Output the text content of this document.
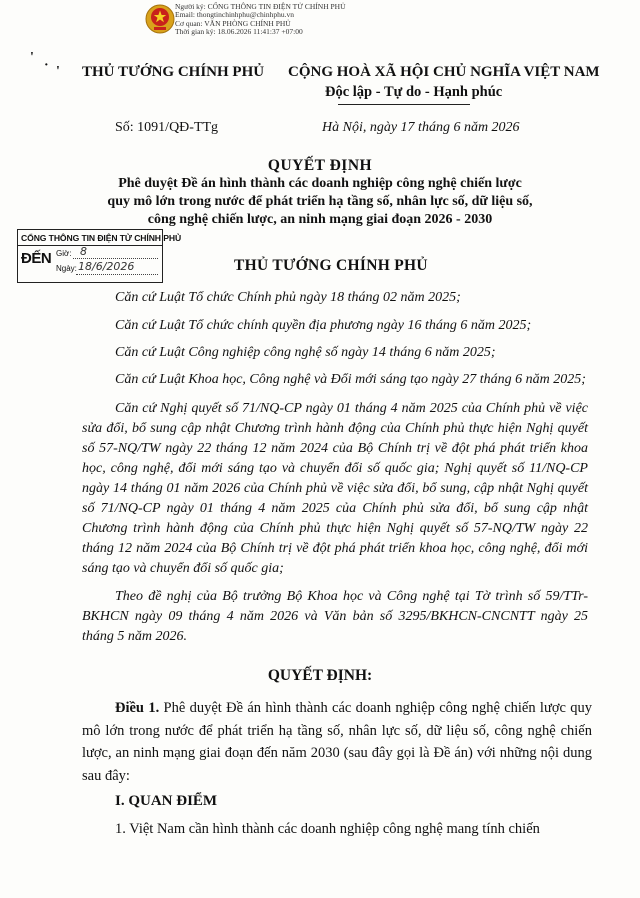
Người ký: CỔNG THÔNG TIN ĐIỆN TỬ CHÍNH PHỦ
Email: thongtinchinhphu@chinhphu.vn
Cơ quan: VĂN PHÒNG CHÍNH PHỦ
Thời gian ký: 18.06.2026 11:41:37 +07:00
'
· ' THỦ TƯỚNG CHÍNH PHỦ CỘNG HOÀ XÃ HỘI CHỦ NGHĨA VIỆT NAM
Độc lập - Tự do - Hạnh phúc
Số: 1091/QĐ-TTg	Hà Nội, ngày 17 tháng 6 năm 2026
QUYẾT ĐỊNH
Phê duyệt Đề án hình thành các doanh nghiệp công nghệ chiến lược
quy mô lớn trong nước để phát triển hạ tầng số, nhân lực số, dữ liệu số,
công nghệ chiến lược, an ninh mạng giai đoạn 2026 - 2030
CỔNG THÔNG TIN ĐIỆN TỬ CHÍNH PHỦ
ĐẾN Giờ: 8
Ngày: 18/6/2026	THỦ TƯỚNG CHÍNH PHỦ
Căn cứ Luật Tổ chức Chính phủ ngày 18 tháng 02 năm 2025;
Căn cứ Luật Tổ chức chính quyền địa phương ngày 16 tháng 6 năm 2025;
Căn cứ Luật Công nghiệp công nghệ số ngày 14 tháng 6 năm 2025;
Căn cứ Luật Khoa học, Công nghệ và Đổi mới sáng tạo ngày 27 tháng 6 năm 2025;
Căn cứ Nghị quyết số 71/NQ-CP ngày 01 tháng 4 năm 2025 của Chính phủ về việc sửa đổi, bổ sung cập nhật Chương trình hành động của Chính phủ thực hiện Nghị quyết số 57-NQ/TW ngày 22 tháng 12 năm 2024 của Bộ Chính trị về đột phá phát triển khoa học, công nghệ, đổi mới sáng tạo và chuyển đổi số quốc gia; Nghị quyết số 11/NQ-CP ngày 14 tháng 01 năm 2026 của Chính phủ về việc sửa đổi, bổ sung, cập nhật Nghị quyết số 71/NQ-CP ngày 01 tháng 4 năm 2025 của Chính phủ sửa đổi, bổ sung cập nhật Chương trình hành động của Chính phủ thực hiện Nghị quyết số 57-NQ/TW ngày 22 tháng 12 năm 2024 của Bộ Chính trị về đột phá phát triển khoa học, công nghệ, đổi mới sáng tạo và chuyển đổi số quốc gia;
Theo đề nghị của Bộ trưởng Bộ Khoa học và Công nghệ tại Tờ trình số 59/TTr-BKHCN ngày 09 tháng 4 năm 2026 và Văn bản số 3295/BKHCN-CNCNTT ngày 25 tháng 5 năm 2026.
QUYẾT ĐỊNH:
Điều 1. Phê duyệt Đề án hình thành các doanh nghiệp công nghệ chiến lược quy mô lớn trong nước để phát triển hạ tầng số, nhân lực số, dữ liệu số, công nghệ chiến lược, an ninh mạng giai đoạn đến năm 2030 (sau đây gọi là Đề án) với những nội dung sau đây:
I. QUAN ĐIỂM
1. Việt Nam cần hình thành các doanh nghiệp công nghệ mang tính chiến
